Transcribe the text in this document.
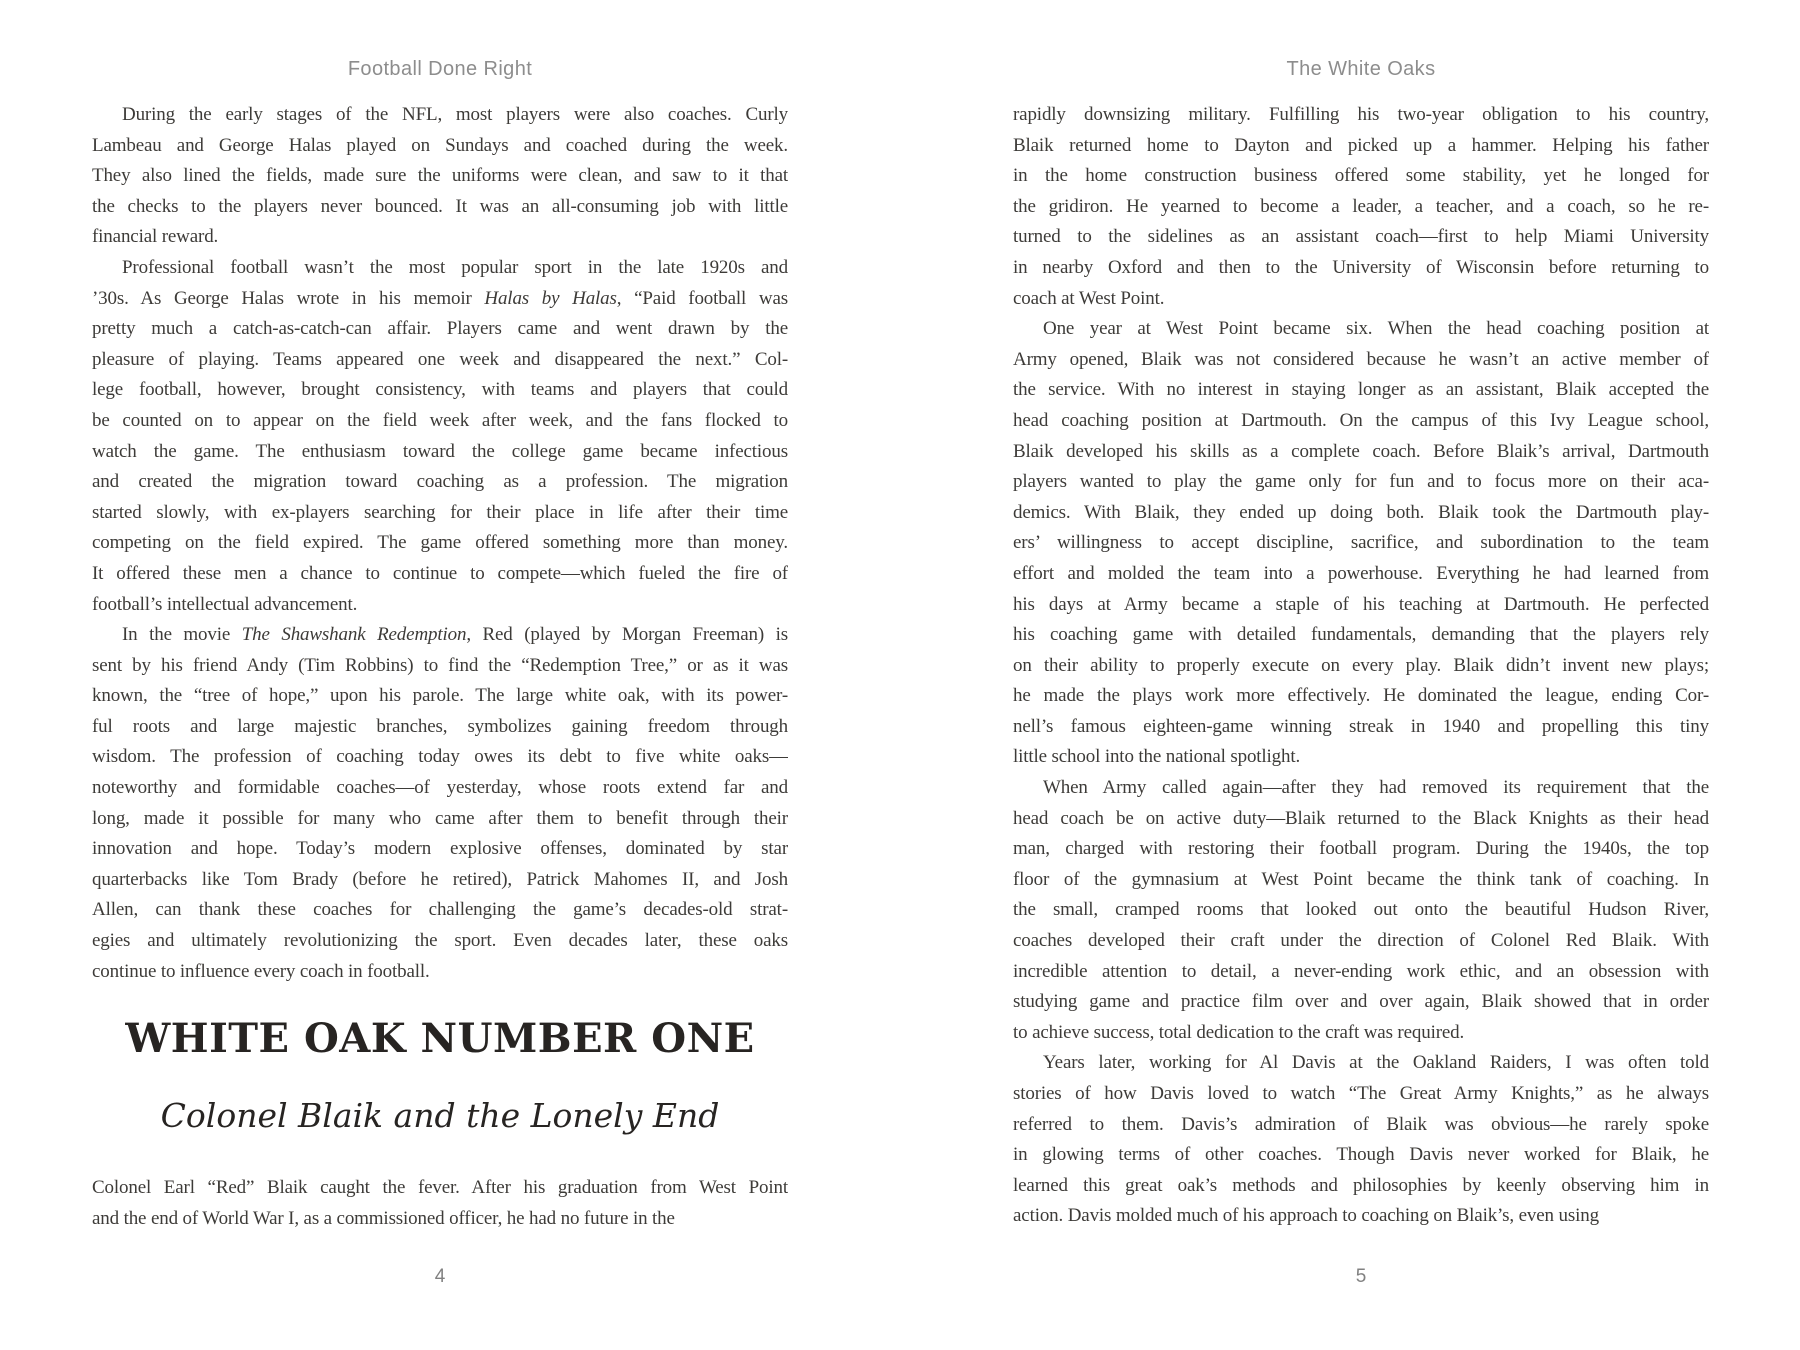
Football Done Right
During the early stages of the NFL, most players were also coaches. Curly
Lambeau and George Halas played on Sundays and coached during the week.
They also lined the fields, made sure the uniforms were clean, and saw to it that
the checks to the players never bounced. It was an all-consuming job with little
financial reward.
Professional football wasn’t the most popular sport in the late 1920s and
’30s. As George Halas wrote in his memoir Halas by Halas, “Paid football was
pretty much a catch-as-catch-can affair. Players came and went drawn by the
pleasure of playing. Teams appeared one week and disappeared the next.” Col-
lege football, however, brought consistency, with teams and players that could
be counted on to appear on the field week after week, and the fans flocked to
watch the game. The enthusiasm toward the college game became infectious
and created the migration toward coaching as a profession. The migration
started slowly, with ex-players searching for their place in life after their time
competing on the field expired. The game offered something more than money.
It offered these men a chance to continue to compete—which fueled the fire of
football’s intellectual advancement.
In the movie The Shawshank Redemption, Red (played by Morgan Freeman) is
sent by his friend Andy (Tim Robbins) to find the “Redemption Tree,” or as it was
known, the “tree of hope,” upon his parole. The large white oak, with its power-
ful roots and large majestic branches, symbolizes gaining freedom through
wisdom. The profession of coaching today owes its debt to five white oaks—
noteworthy and formidable coaches—of yesterday, whose roots extend far and
long, made it possible for many who came after them to benefit through their
innovation and hope. Today’s modern explosive offenses, dominated by star
quarterbacks like Tom Brady (before he retired), Patrick Mahomes II, and Josh
Allen, can thank these coaches for challenging the game’s decades-old strat-
egies and ultimately revolutionizing the sport. Even decades later, these oaks
continue to influence every coach in football.
WHITE OAK NUMBER ONE
Colonel Blaik and the Lonely End
Colonel Earl “Red” Blaik caught the fever. After his graduation from West Point
and the end of World War I, as a commissioned officer, he had no future in the
4
The White Oaks
rapidly downsizing military. Fulfilling his two-year obligation to his country,
Blaik returned home to Dayton and picked up a hammer. Helping his father
in the home construction business offered some stability, yet he longed for
the gridiron. He yearned to become a leader, a teacher, and a coach, so he re-
turned to the sidelines as an assistant coach—first to help Miami University
in nearby Oxford and then to the University of Wisconsin before returning to
coach at West Point.
One year at West Point became six. When the head coaching position at
Army opened, Blaik was not considered because he wasn’t an active member of
the service. With no interest in staying longer as an assistant, Blaik accepted the
head coaching position at Dartmouth. On the campus of this Ivy League school,
Blaik developed his skills as a complete coach. Before Blaik’s arrival, Dartmouth
players wanted to play the game only for fun and to focus more on their aca-
demics. With Blaik, they ended up doing both. Blaik took the Dartmouth play-
ers’ willingness to accept discipline, sacrifice, and subordination to the team
effort and molded the team into a powerhouse. Everything he had learned from
his days at Army became a staple of his teaching at Dartmouth. He perfected
his coaching game with detailed fundamentals, demanding that the players rely
on their ability to properly execute on every play. Blaik didn’t invent new plays;
he made the plays work more effectively. He dominated the league, ending Cor-
nell’s famous eighteen-game winning streak in 1940 and propelling this tiny
little school into the national spotlight.
When Army called again—after they had removed its requirement that the
head coach be on active duty—Blaik returned to the Black Knights as their head
man, charged with restoring their football program. During the 1940s, the top
floor of the gymnasium at West Point became the think tank of coaching. In
the small, cramped rooms that looked out onto the beautiful Hudson River,
coaches developed their craft under the direction of Colonel Red Blaik. With
incredible attention to detail, a never-ending work ethic, and an obsession with
studying game and practice film over and over again, Blaik showed that in order
to achieve success, total dedication to the craft was required.
Years later, working for Al Davis at the Oakland Raiders, I was often told
stories of how Davis loved to watch “The Great Army Knights,” as he always
referred to them. Davis’s admiration of Blaik was obvious—he rarely spoke
in glowing terms of other coaches. Though Davis never worked for Blaik, he
learned this great oak’s methods and philosophies by keenly observing him in
action. Davis molded much of his approach to coaching on Blaik’s, even using
5
